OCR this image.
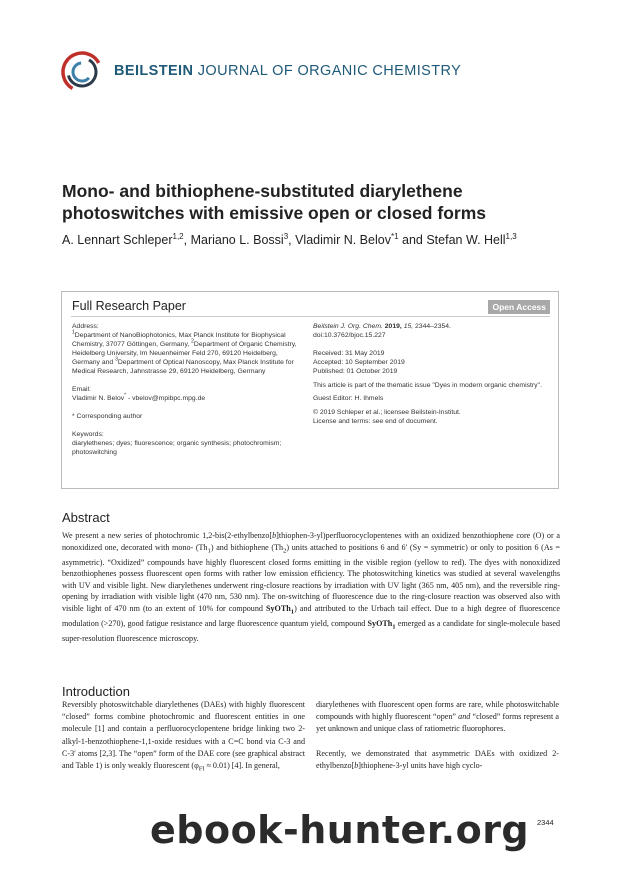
BEILSTEIN JOURNAL OF ORGANIC CHEMISTRY
Mono- and bithiophene-substituted diarylethene photoswitches with emissive open or closed forms
A. Lennart Schleper$^{1,2}$, Mariano L. Bossi$^3$, Vladimir N. Belov$^{*1}$ and Stefan W. Hell$^{1,3}$
Full Research Paper	Open Access

Address:
$^1$Department of NanoBiophotonics, Max Planck Institute for Biophysical Chemistry, 37077 Göttingen, Germany, $^2$Department of Organic Chemistry, Heidelberg University, Im Neuenheimer Feld 270, 69120 Heidelberg, Germany and $^3$Department of Optical Nanoscopy, Max Planck Institute for Medical Research, Jahnstrasse 29, 69120 Heidelberg, Germany

Email:
Vladimir N. Belov* - vbelov@mpibpc.mpg.de

* Corresponding author

Keywords:
diarylethenes; dyes; fluorescence; organic synthesis; photochromism; photoswitching

Beilstein J. Org. Chem. 2019, 15, 2344–2354.
doi:10.3762/bjoc.15.227

Received: 31 May 2019
Accepted: 10 September 2019
Published: 01 October 2019

This article is part of the thematic issue "Dyes in modern organic chemistry".

Guest Editor: H. Ihmels

© 2019 Schleper et al.; licensee Beilstein-Institut.
License and terms: see end of document.

Abstract
We present a new series of photochromic 1,2-bis(2-ethylbenzo[b]thiophen-3-yl)perfluorocyclopentenes with an oxidized benzothiophene core (O) or a nonoxidized one, decorated with mono- $(Th_1)$ and bithiophene $(Th_2)$ units attached to positions 6 and 6′ (Sy = symmetric) or only to position 6 (As = asymmetric). “Oxidized” compounds have highly fluorescent closed forms emitting in the visible region (yellow to red). The dyes with nonoxidized benzothiophenes possess fluorescent open forms with rather low emission efficiency. The photoswitching kinetics was studied at several wavelengths with UV and visible light. New diarylethenes underwent ring-closure reactions by irradiation with UV light (365 nm, 405 nm), and the reversible ring-opening by irradiation with visible light (470 nm, 530 nm). The on-switching of fluorescence due to the ring-closure reaction was observed also with visible light of 470 nm (to an extent of 10% for compound SyOTh$_1$) and attributed to the Urbach tail effect. Due to a high degree of fluorescence modulation (>270), good fatigue resistance and large fluorescence quantum yield, compound SyOTh$_1$ emerged as a candidate for single-molecule based super-resolution fluorescence microscopy.
Introduction

Reversibly photoswitchable diarylethenes (DAEs) with highly fluorescent “closed” forms combine photochromic and fluorescent entities in one molecule [1] and contain a perfluorocyclopentene bridge linking two 2-alkyl-1-benzothiophene-1,1-oxide residues with a C=C bond via C-3 and C-3′ atoms [2,3]. The “open” form of the DAE core (see graphical abstract and Table 1) is only weakly fluorescent $(\varphi_{Fl} \approx 0.01)$ [4]. In general,

diarylethenes with fluorescent open forms are rare, while photoswitchable compounds with highly fluorescent “open” and “closed” forms represent a yet unknown and unique class of ratiometric fluorophores.

Recently, we demonstrated that asymmetric DAEs with oxidized 2-ethylbenzo[b]thiophene-3-yl units have high cyclo-

2344
ebook-hunter.org
